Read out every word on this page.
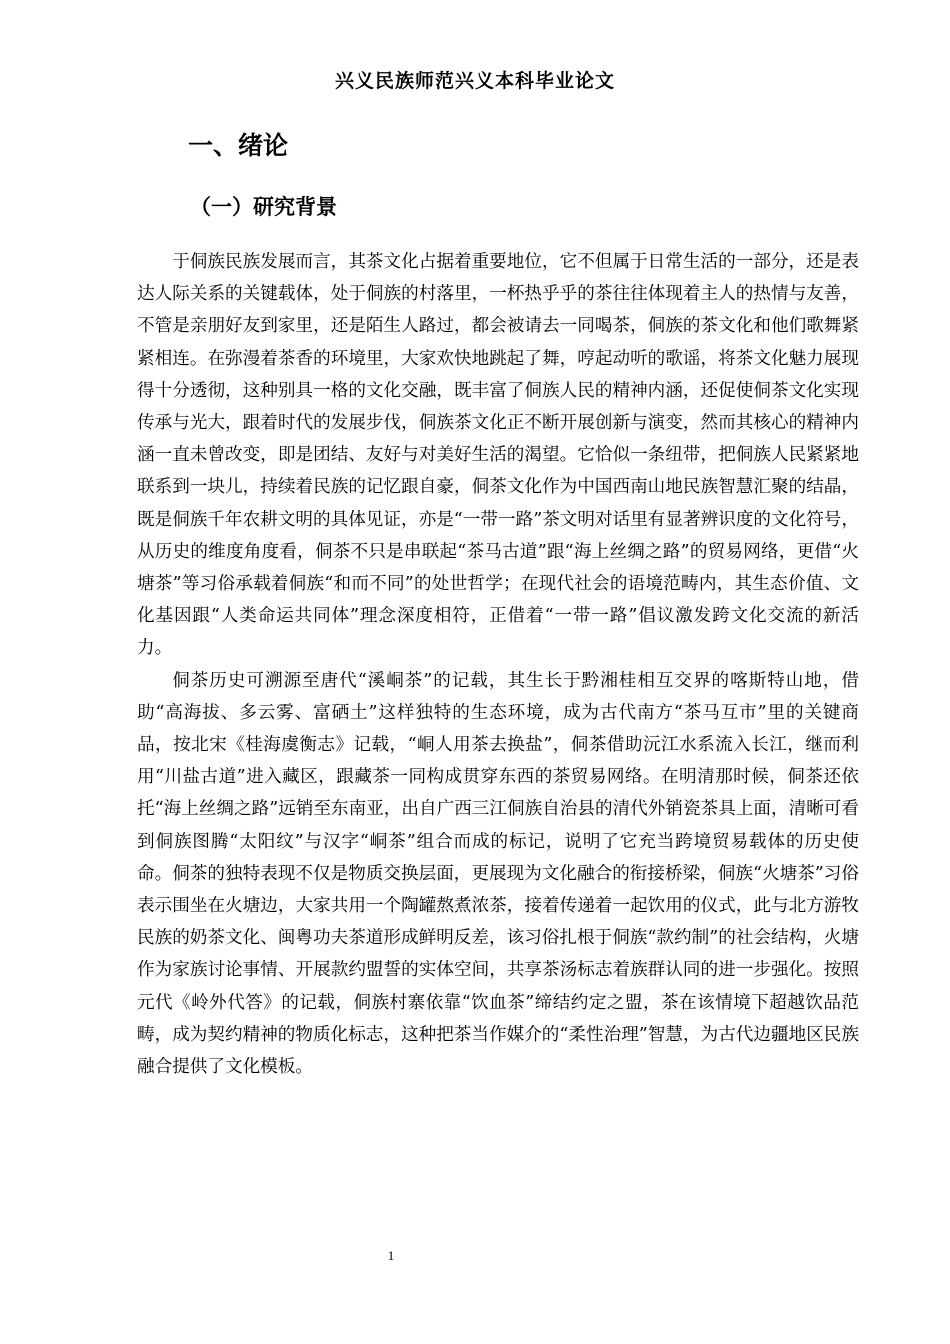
兴义民族师范兴义本科毕业论文
一、绪论
（一）研究背景

于侗族民族发展而言，其茶文化占据着重要地位，它不但属于日常生活的一部分，还是表达人际关系的关键载体，处于侗族的村落里，一杯热乎乎的茶往往体现着主人的热情与友善，不管是亲朋好友到家里，还是陌生人路过，都会被请去一同喝茶，侗族的茶文化和他们歌舞紧紧相连。在弥漫着茶香的环境里，大家欢快地跳起了舞，哼起动听的歌谣，将茶文化魅力展现得十分透彻，这种别具一格的文化交融，既丰富了侗族人民的精神内涵，还促使侗茶文化实现传承与光大，跟着时代的发展步伐，侗族茶文化正不断开展创新与演变，然而其核心的精神内涵一直未曾改变，即是团结、友好与对美好生活的渴望。它恰似一条纽带，把侗族人民紧紧地联系到一块儿，持续着民族的记忆跟自豪，侗茶文化作为中国西南山地民族智慧汇聚的结晶，既是侗族千年农耕文明的具体见证，亦是“一带一路”茶文明对话里有显著辨识度的文化符号，从历史的维度角度看，侗茶不只是串联起“茶马古道”跟“海上丝绸之路”的贸易网络，更借“火塘茶”等习俗承载着侗族“和而不同”的处世哲学；在现代社会的语境范畴内，其生态价值、文化基因跟“人类命运共同体”理念深度相符，正借着“一带一路”倡议激发跨文化交流的新活力。

侗茶历史可溯源至唐代“溪峒茶”的记载，其生长于黔湘桂相互交界的喀斯特山地，借助“高海拔、多云雾、富硒土”这样独特的生态环境，成为古代南方“茶马互市”里的关键商品，按北宋《桂海虞衡志》记载，“峒人用茶去换盐”，侗茶借助沅江水系流入长江，继而利用“川盐古道”进入藏区，跟藏茶一同构成贯穿东西的茶贸易网络。在明清那时候，侗茶还依托“海上丝绸之路”远销至东南亚，出自广西三江侗族自治县的清代外销瓷茶具上面，清晰可看到侗族图腾“太阳纹”与汉字“峒茶”组合而成的标记，说明了它充当跨境贸易载体的历史使命。侗茶的独特表现不仅是物质交换层面，更展现为文化融合的衔接桥梁，侗族“火塘茶”习俗表示围坐在火塘边，大家共用一个陶罐熬煮浓茶，接着传递着一起饮用的仪式，此与北方游牧民族的奶茶文化、闽粤功夫茶道形成鲜明反差，该习俗扎根于侗族“款约制”的社会结构，火塘作为家族讨论事情、开展款约盟誓的实体空间，共享茶汤标志着族群认同的进一步强化。按照元代《岭外代答》的记载，侗族村寨依靠“饮血茶”缔结约定之盟，茶在该情境下超越饮品范畴，成为契约精神的物质化标志，这种把茶当作媒介的“柔性治理”智慧，为古代边疆地区民族融合提供了文化模板。

1
